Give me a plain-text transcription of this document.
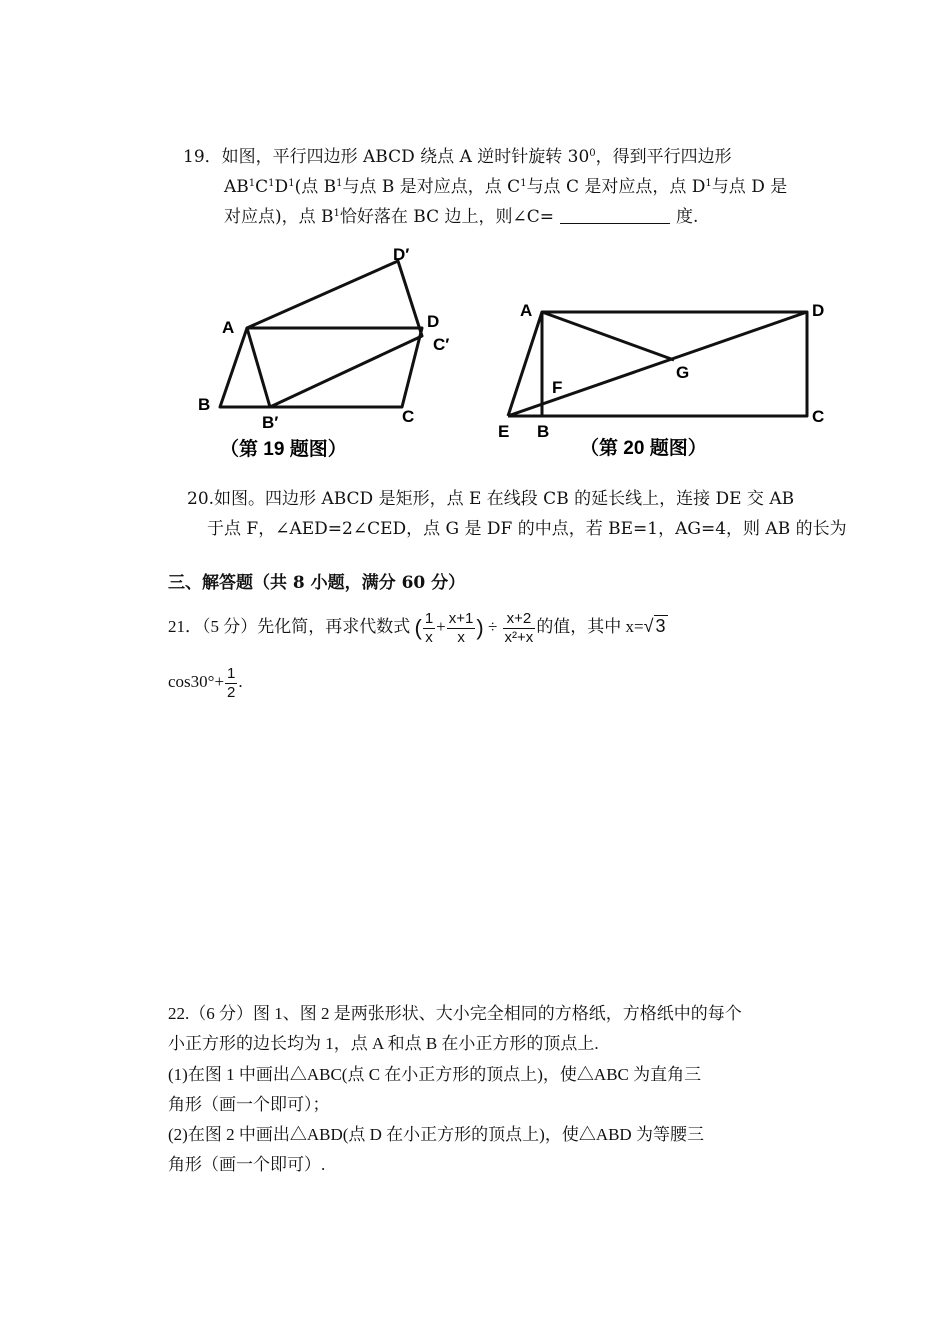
19．如图，平行四边形 ABCD 绕点 A 逆时针旋转 $30^0$，得到平行四边形
$AB^1C^1D^1$(点 $B^1$与点 B 是对应点，点 $C^1$与点 C 是对应点，点 $D^1$与点 D 是
对应点)，点 $B^1$恰好落在 BC 边上，则∠C=	度.
A
B
B′	C
D
D′
C′
（第 19 题图）
A
E B
C
D
F
G
（第 20 题图）
20.如图。四边形 ABCD 是矩形，点 E 在线段 CB 的延长线上，连接 DE 交 AB
于点 F，∠AED=2∠CED，点 G 是 DF 的中点，若 BE=1，AG=4，则 AB 的长为
三、解答题（共 8 小题，满分 60 分）
21．（5 分）先化简，再求代数式 ( $\frac{1}{x} + \frac{x+1}{x}$ ) ÷ $\frac{x+2}{\text{x²+x}}$ 的值，其中 x=√ 3
$\cos 30^\circ+ \frac{1}{2}$ .
22.（6 分）图 1、图 2 是两张形状、大小完全相同的方格纸，方格纸中的每个
小正方形的边长均为 1，点 A 和点 B 在小正方形的顶点上.
(1)在图 1 中画出△ABC(点 C 在小正方形的顶点上)，使△ABC 为直角三
角形（画一个即可）；
(2)在图 2 中画出△ABD(点 D 在小正方形的顶点上)，使△ABD 为等腰三
角形（画一个即可）.
